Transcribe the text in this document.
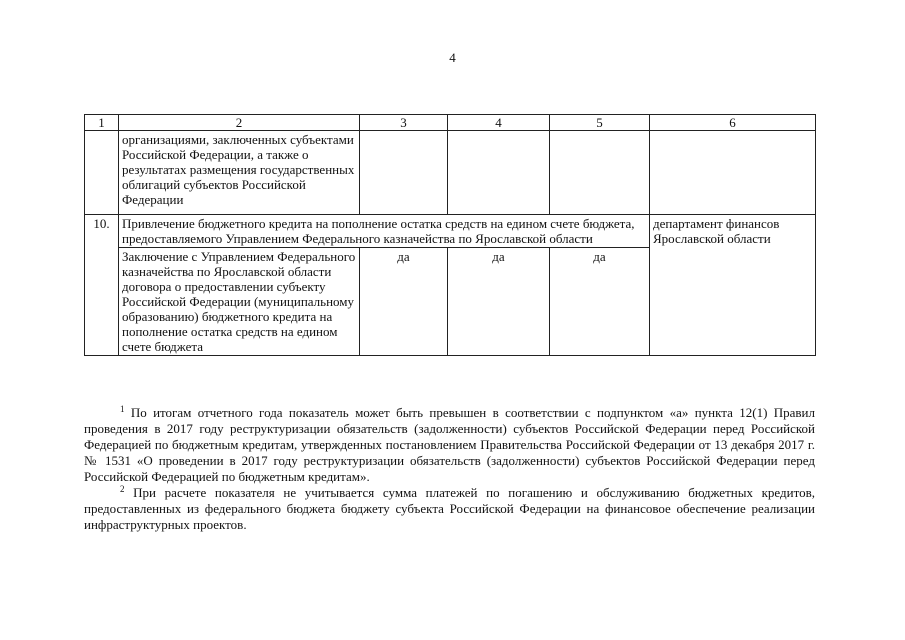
4
1	2	3	4	5	6
	организациями, заключенных субъектами Российской Федерации, а также о результатах размещения государственных облигаций субъектов Российской Федерации				
10.	Привлечение бюджетного кредита на пополнение остатка средств на едином счете бюджета, предоставляемого Управлением Федерального казначейства по Ярославской области				департамент финансов Ярославской области
	Заключение с Управлением Федерального казначейства по Ярославской области договора о предоставлении субъекту Российской Федерации (муниципальному образованию) бюджетного кредита на пополнение остатка средств на едином счете бюджета	да	да	да	

$^1$ По итогам отчетного года показатель может быть превышен в соответствии с подпунктом «а» пункта 12(1) Правил проведения в 2017 году реструктуризации обязательств (задолженности) субъектов Российской Федерации перед Российской Федерацией по бюджетным кредитам, утвержденных постановлением Правительства Российской Федерации от 13 декабря 2017 г. № 1531 «О проведении в 2017 году реструктуризации обязательств (задолженности) субъектов Российской Федерации перед Российской Федерацией по бюджетным кредитам».

$^2$ При расчете показателя не учитывается сумма платежей по погашению и обслуживанию бюджетных кредитов, предоставленных из федерального бюджета бюджету субъекта Российской Федерации на финансовое обеспечение реализации инфраструктурных проектов.
